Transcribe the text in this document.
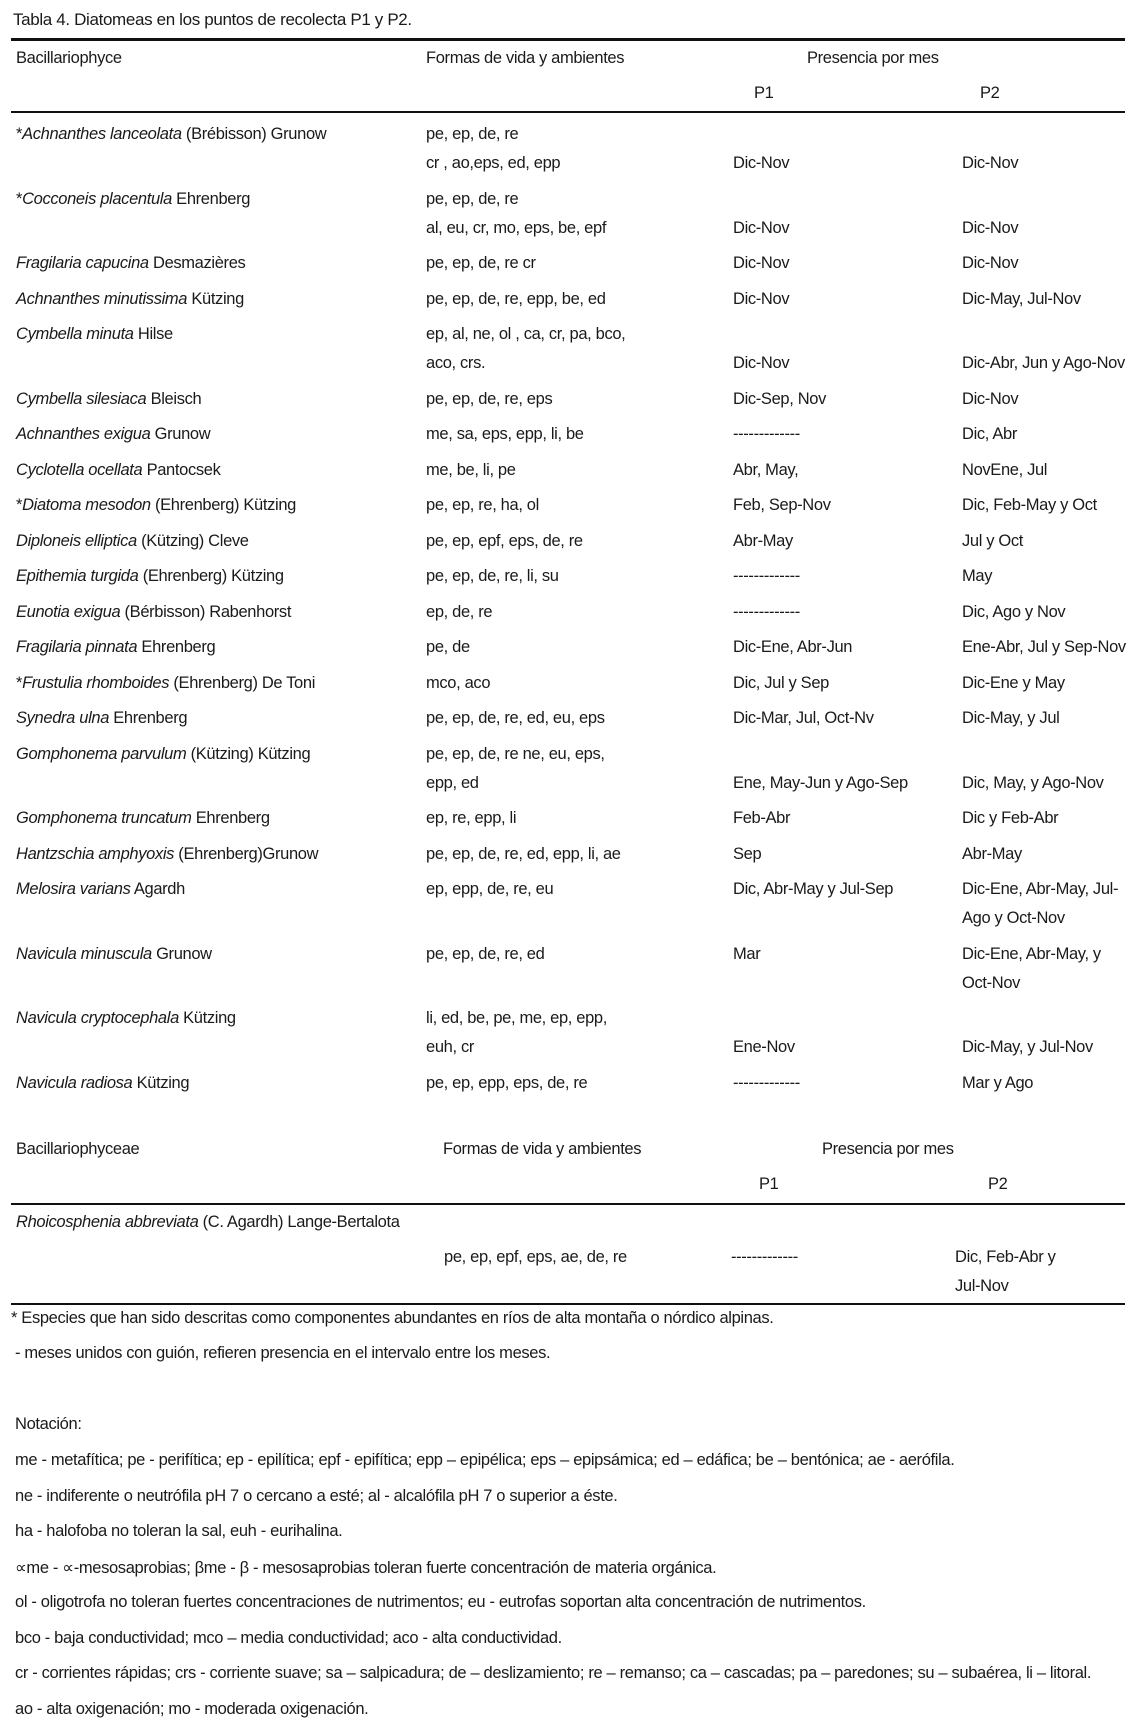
Tabla 4. Diatomeas en los puntos de recolecta P1 y P2.
Bacillariophyce	Formas de vida y ambientes	Presencia por mes
P1	P2
*Achnanthes lanceolata (Brébisson) Grunow	pe, ep, de, re
cr , ao,eps, ed, epp	Dic-Nov	Dic-Nov
*Cocconeis placentula Ehrenberg	pe, ep, de, re
al, eu, cr, mo, eps, be, epf	Dic-Nov	Dic-Nov
Fragilaria capucina Desmazières	pe, ep, de, re cr	Dic-Nov	Dic-Nov
Achnanthes minutissima Kützing	pe, ep, de, re, epp, be, ed	Dic-Nov	Dic-May, Jul-Nov
Cymbella minuta Hilse	ep, al, ne, ol , ca, cr, pa, bco,
aco, crs.	Dic-Nov	Dic-Abr, Jun y Ago-Nov
Cymbella silesiaca Bleisch	pe, ep, de, re, eps	Dic-Sep, Nov	Dic-Nov
Achnanthes exigua Grunow	me, sa, eps, epp, li, be	-------------	Dic, Abr
Cyclotella ocellata Pantocsek	me, be, li, pe	Abr, May,	NovEne, Jul
*Diatoma mesodon (Ehrenberg) Kützing	pe, ep, re, ha, ol	Feb, Sep-Nov	Dic, Feb-May y Oct
Diploneis elliptica (Kützing) Cleve	pe, ep, epf, eps, de, re	Abr-May	Jul y Oct
Epithemia turgida (Ehrenberg) Kützing	pe, ep, de, re, li, su	-------------	May
Eunotia exigua (Bérbisson) Rabenhorst	ep, de, re	-------------	Dic, Ago y Nov
Fragilaria pinnata Ehrenberg	pe, de	Dic-Ene, Abr-Jun	Ene-Abr, Jul y Sep-Nov
*Frustulia rhomboides (Ehrenberg) De Toni	mco, aco	Dic, Jul y Sep	Dic-Ene y May
Synedra ulna Ehrenberg	pe, ep, de, re, ed, eu, eps	Dic-Mar, Jul, Oct-Nv	Dic-May, y Jul
Gomphonema parvulum (Kützing) Kützing	pe, ep, de, re ne, eu, eps,
epp, ed	Ene, May-Jun y Ago-Sep	Dic, May, y Ago-Nov
Gomphonema truncatum Ehrenberg	ep, re, epp, li	Feb-Abr	Dic y Feb-Abr
Hantzschia amphyoxis (Ehrenberg)Grunow	pe, ep, de, re, ed, epp, li, ae	Sep	Abr-May
Melosira varians Agardh	ep, epp, de, re, eu	Dic, Abr-May y Jul-Sep	Dic-Ene, Abr-May, Jul-
Ago y Oct-Nov
Navicula minuscula Grunow	pe, ep, de, re, ed	Mar	Dic-Ene, Abr-May, y
Oct-Nov
Navicula cryptocephala Kützing	li, ed, be, pe, me, ep, epp,
euh, cr	Ene-Nov	Dic-May, y Jul-Nov
Navicula radiosa Kützing	pe, ep, epp, eps, de, re	-------------	Mar y Ago
Bacillariophyceae	Formas de vida y ambientes	Presencia por mes
P1	P2
Rhoicosphenia abbreviata (C. Agardh) Lange-Bertalota
pe, ep, epf, eps, ae, de, re	-------------	Dic, Feb-Abr y
Jul-Nov
* Especies que han sido descritas como componentes abundantes en ríos de alta montaña o nórdico alpinas.
- meses unidos con guión, refieren presencia en el intervalo entre los meses.
Notación:
me - metafítica; pe - perifítica; ep - epilítica; epf - epifítica; epp – epipélica; eps – epipsámica; ed – edáfica; be – bentónica; ae - aerófila.
ne - indiferente o neutrófila pH 7 o cercano a esté; al - alcalófila pH 7 o superior a éste.
ha - halofoba no toleran la sal, euh - eurihalina.
∝me - ∝-mesosaprobias; βme - β - mesosaprobias toleran fuerte concentración de materia orgánica.
ol - oligotrofa no toleran fuertes concentraciones de nutrimentos; eu - eutrofas soportan alta concentración de nutrimentos.
bco - baja conductividad; mco – media conductividad; aco - alta conductividad.
cr - corrientes rápidas; crs - corriente suave; sa – salpicadura; de – deslizamiento; re – remanso; ca – cascadas; pa – paredones; su – subaérea, li – litoral.
ao - alta oxigenación; mo - moderada oxigenación.
